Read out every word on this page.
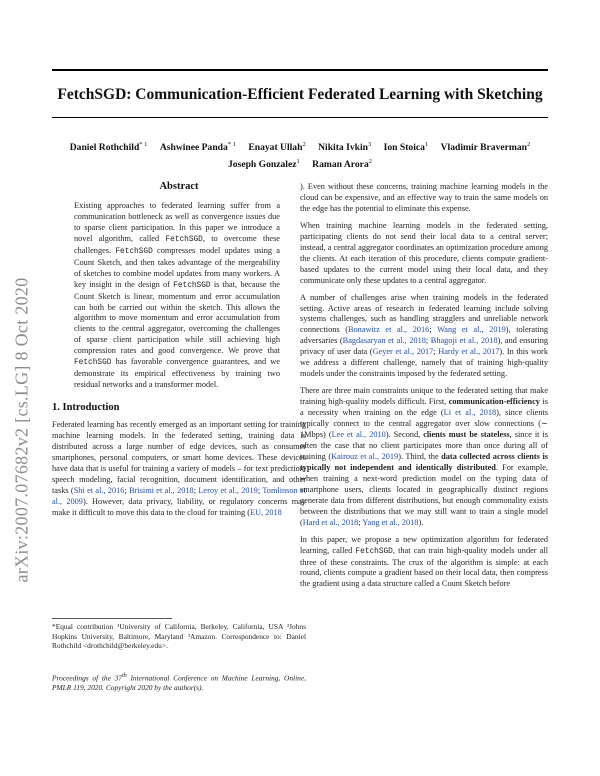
FetchSGD: Communication-Efficient Federated Learning with Sketching
Daniel Rothchild$^{* 1}$ Ashwinee Panda$^{* 1}$ Enayat Ullah$^2$ Nikita Ivkin$^3$ Ion Stoica$^1$ Vladimir Braverman$^2$
Joseph Gonzalez$^1$ Raman Arora$^2$
arXiv:2007.07682v2 [cs.LG] 8 Oct 2020
Abstract
Existing approaches to federated learning suffer from a communication bottleneck as well as convergence issues due to sparse client participation. In this paper we introduce a novel algorithm, called FetchSGD, to overcome these challenges. FetchSGD compresses model updates using a Count Sketch, and then takes advantage of the mergeability of sketches to combine model updates from many workers. A key insight in the design of FetchSGD is that, because the Count Sketch is linear, momentum and error accumulation can both be carried out within the sketch. This allows the algorithm to move momentum and error accumulation from clients to the central aggregator, overcoming the challenges of sparse client participation while still achieving high compression rates and good convergence. We prove that FetchSGD has favorable convergence guarantees, and we demonstrate its empirical effectiveness by training two residual networks and a transformer model.
1. Introduction
Federated learning has recently emerged as an important setting for training machine learning models. In the federated setting, training data is distributed across a large number of edge devices, such as consumer smartphones, personal computers, or smart home devices. These devices have data that is useful for training a variety of models – for text prediction, speech modeling, facial recognition, document identification, and other tasks (Shi et al., 2016; Brisimi et al., 2018; Leroy et al., 2019; Tomlinson et al., 2009). However, data privacy, liability, or regulatory concerns may make it difficult to move this data to the cloud for training (EU, 2018
*Equal contribution ¹University of California, Berkeley, California, USA ²Johns Hopkins University, Baltimore, Maryland ³Amazon. Correspondence to: Daniel Rothchild <drothchild@berkeley.edu>.
Proceedings of the 37th International Conference on Machine Learning, Online, PMLR 119, 2020. Copyright 2020 by the author(s).
). Even without these concerns, training machine learning models in the cloud can be expensive, and an effective way to train the same models on the edge has the potential to eliminate this expense.
When training machine learning models in the federated setting, participating clients do not send their local data to a central server; instead, a central aggregator coordinates an optimization procedure among the clients. At each iteration of this procedure, clients compute gradient-based updates to the current model using their local data, and they communicate only these updates to a central aggregator.
A number of challenges arise when training models in the federated setting. Active areas of research in federated learning include solving systems challenges, such as handling stragglers and unreliable network connections (Bonawitz et al., 2016; Wang et al., 2019), tolerating adversaries (Bagdasaryan et al., 2018; Bhagoji et al., 2018), and ensuring privacy of user data (Geyer et al., 2017; Hardy et al., 2017). In this work we address a different challenge, namely that of training high-quality models under the constraints imposed by the federated setting.
There are three main constraints unique to the federated setting that make training high-quality models difficult. First, communication-efficiency is a necessity when training on the edge (Li et al., 2018), since clients typically connect to the central aggregator over slow connections (∼ 1Mbps) (Lee et al., 2010). Second, clients must be stateless, since it is often the case that no client participates more than once during all of training (Kairouz et al., 2019). Third, the data collected across clients is typically not independent and identically distributed. For example, when training a next-word prediction model on the typing data of smartphone users, clients located in geographically distinct regions generate data from different distributions, but enough commonality exists between the distributions that we may still want to train a single model (Hard et al., 2018; Yang et al., 2018).
In this paper, we propose a new optimization algorithm for federated learning, called FetchSGD, that can train high-quality models under all three of these constraints. The crux of the algorithm is simple: at each round, clients compute a gradient based on their local data, then compress the gradient using a data structure called a Count Sketch before
